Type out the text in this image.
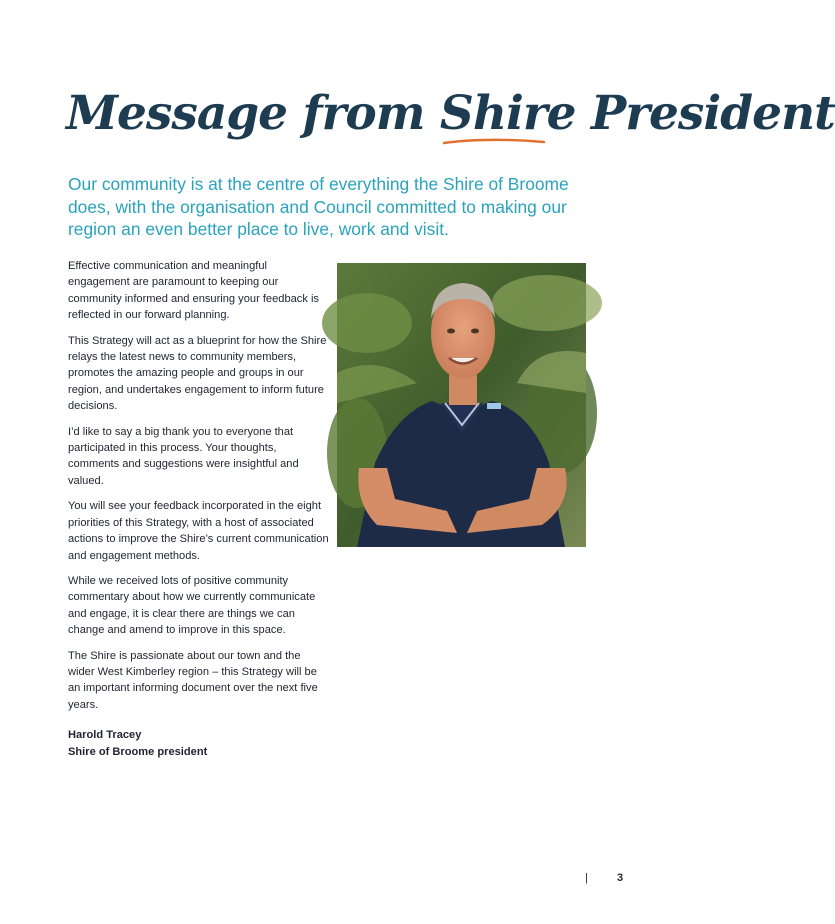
Message from Shire President
Our community is at the centre of everything the Shire of Broome does, with the organisation and Council committed to making our region an even better place to live, work and visit.

Effective communication and meaningful engagement are paramount to keeping our community informed and ensuring your feedback is reflected in our forward planning.

This Strategy will act as a blueprint for how the Shire relays the latest news to community members, promotes the amazing people and groups in our region, and undertakes engagement to inform future decisions.

I’d like to say a big thank you to everyone that participated in this process. Your thoughts, comments and suggestions were insightful and valued.

You will see your feedback incorporated in the eight priorities of this Strategy, with a host of associated actions to improve the Shire’s current communication and engagement methods.

While we received lots of positive community commentary about how we currently communicate and engage, it is clear there are things we can change and amend to improve in this space.

The Shire is passionate about our town and the wider West Kimberley region – this Strategy will be an important informing document over the next five years.

Harold Tracey
Shire of Broome president
|	3
